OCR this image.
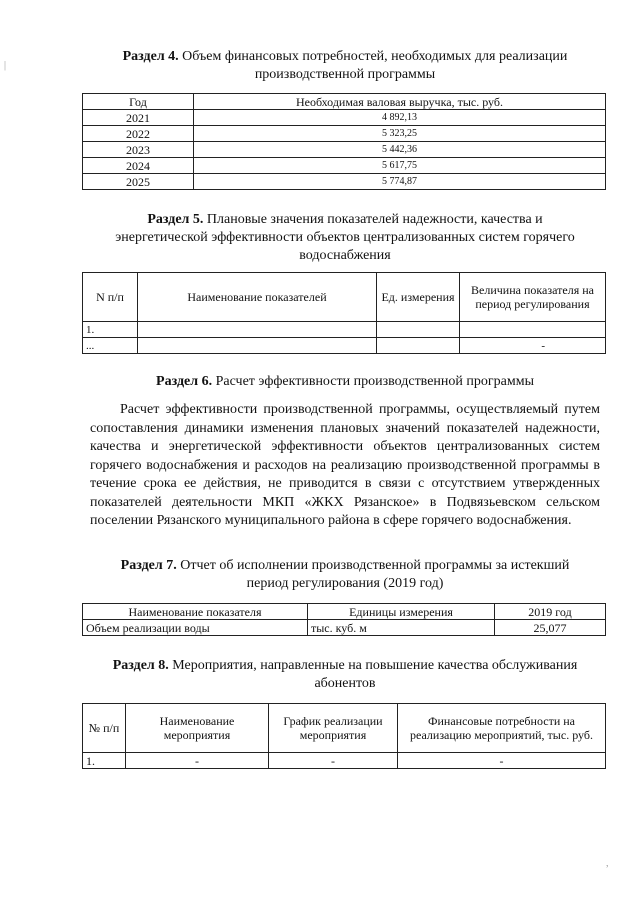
Раздел 4. Объем финансовых потребностей, необходимых для реализации
производственной программы
Год	Необходимая валовая выручка, тыс. руб.
2021	4 892,13
2022	5 323,25
2023	5 442,36
2024	5 617,75
2025	5 774,87
Раздел 5. Плановые значения показателей надежности, качества и
энергетической эффективности объектов централизованных систем горячего
водоснабжения
N п/п	Наименование показателей	Ед. измерения	Величина показателя на период регулирования
1.			
...			-
Раздел 6. Расчет эффективности производственной программы
Расчет эффективности производственной программы, осуществляемый путем сопоставления динамики изменения плановых значений показателей надежности, качества и энергетической эффективности объектов централизованных систем горячего водоснабжения и расходов на реализацию производственной программы в течение срока ее действия, не приводится в связи с отсутствием утвержденных показателей деятельности МКП «ЖКХ Рязанское» в Подвязьевском сельском поселении Рязанского муниципального района в сфере горячего водоснабжения.
Раздел 7. Отчет об исполнении производственной программы за истекший
период регулирования (2019 год)
Наименование показателя	Единицы измерения	2019 год
Объем реализации воды	тыс. куб. м	25,077
Раздел 8. Мероприятия, направленные на повышение качества обслуживания
абонентов
№ п/п	Наименование мероприятия	График реализации мероприятия	Финансовые потребности на реализацию мероприятий, тыс. руб.
1.	-	-	-
|
,
